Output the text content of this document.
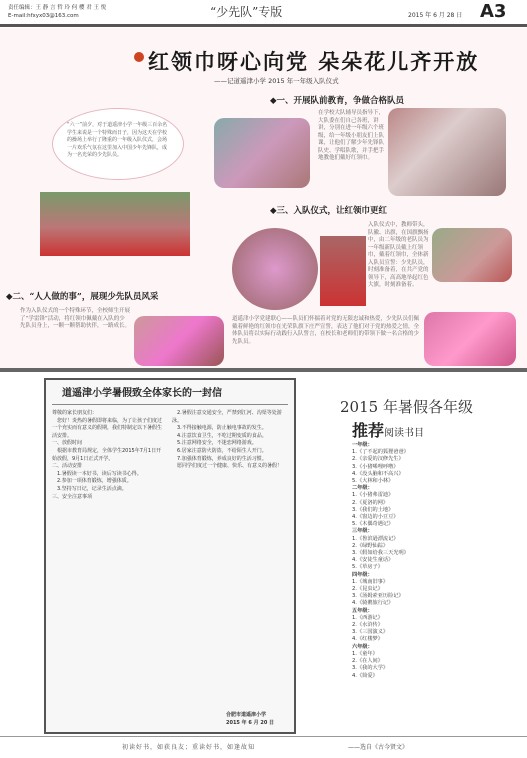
责任编辑：王 静 言 哲 玲 何 樱 君 王 悦
E-mail:hfxyx03@163.com	“少先队”专版	2015 年 6 月 28 日 A3
红领巾呀心向党 朵朵花儿齐开放
——记道遥津小学 2015 年一年级入队仪式
“六一”前夕，对于道遥津小学一年级三百余名学生来说是一个特殊而日子，因为这天在学校的操场上举行了隆重的一年级入队仪式，会场一片欢乐气氛在这里加入中国少年先锋队，成为一名光荣的少先队员。
◆一、开展队前教育，争做合格队员
在学校大队辅导员指导下，大队委在们自己各班，讲讲，分别在进一年级六个班级，给一年级小朋友们上队课，让他们了解少年先锋队队史、学唱队歌，并手把手地教他们戴好红领巾。
◆三、入队仪式，让红领巾更红
入队仪式中，教师带头，队徽、出旗，在国旗飘扬中，由二年级的老队员为一年级新队员戴上红领巾，戴着红领巾，全体新入队员宣誓：少先队员，时刻准备着，在共产党的领导下，高高地举起红色大旗，时刻准备着。
◆二、“人人做的事”，展现少先队员风采
作为入队仪式的一个特殊环节，全校师生开展了“学雷锋”活动，将红领巾佩戴在入队的少先队员身上，一颗一颗帮助伙伴，一路成长。
道遥津小学党建联心——队员们怀揣着对党的无限忠诚和热爱，少先队员们佩戴着鲜艳的红领巾在光荣队旗下庄严宣誓，表达了他们对于党的热爱之情，全体队员将以实际行动践行入队誓言，在校长和老师们的带领下做一名合格的少先队员。
道遥津小学暑假致全体家长的一封信
尊敬的家长朋友们：
　您好！炎热的暑假即将来临，为了让孩子们度过一个充实而有意义的假期，我们特制定以下暑假生活安排。
一、放假时间
　根据市教育局规定，全体学生2015年7月1日开始放假，9月1日正式开学。
二、活动安排
　1.暑假读一本好书，读后写读书心得。
　2.参加一项体育锻炼，增强体质。
　3.坚持写日记，记录生活点滴。
三、安全注意事项
　2.暑假注意交通安全，严禁到江河、沟渠等处游泳。
　3.不得接触电源，防止触电事故的发生。
　4.注意饮食卫生，不吃过期变质的食品。
　5.注意网络安全，不迷恋网络游戏。
　6.居家注意防火防盗，不给陌生人开门。
　7.加强体育锻炼，养成良好的生活习惯。
　愿同学们度过一个健康、快乐、有意义的暑假！
合肥市道遥津小学
2015 年 6 月 20 日
2015 年暑假各年级
推荐阅读书目
一年级：
1.《了不起的狐狸爸爸》
2.《亲爱的汉修先生》
3.《小猪唏哩呼噜》
4.《没头脑和不高兴》
5.《大林和小林》
二年级：
1.《小猪弗雷迪》
2.《夏洛的网》
3.《我们的土地》
4.《窗边的小豆豆》
5.《木偶奇遇记》
三年级：
1.《鲁滨逊漂流记》
2.《绿野仙踪》
3.《假如给我三天光明》
4.《安徒生童话》
5.《草房子》
四年级：
1.《城南旧事》
2.《昆虫记》
3.《汤姆索亚历险记》
4.《骑鹅旅行记》
五年级：
1.《西游记》
2.《水浒传》
3.《三国演义》
4.《红楼梦》
六年级：
1.《童年》
2.《在人间》
3.《我的大学》
4.《简爱》
初读好书，如获良友；重读好书，如逢故知	——选自《古今贤文》
